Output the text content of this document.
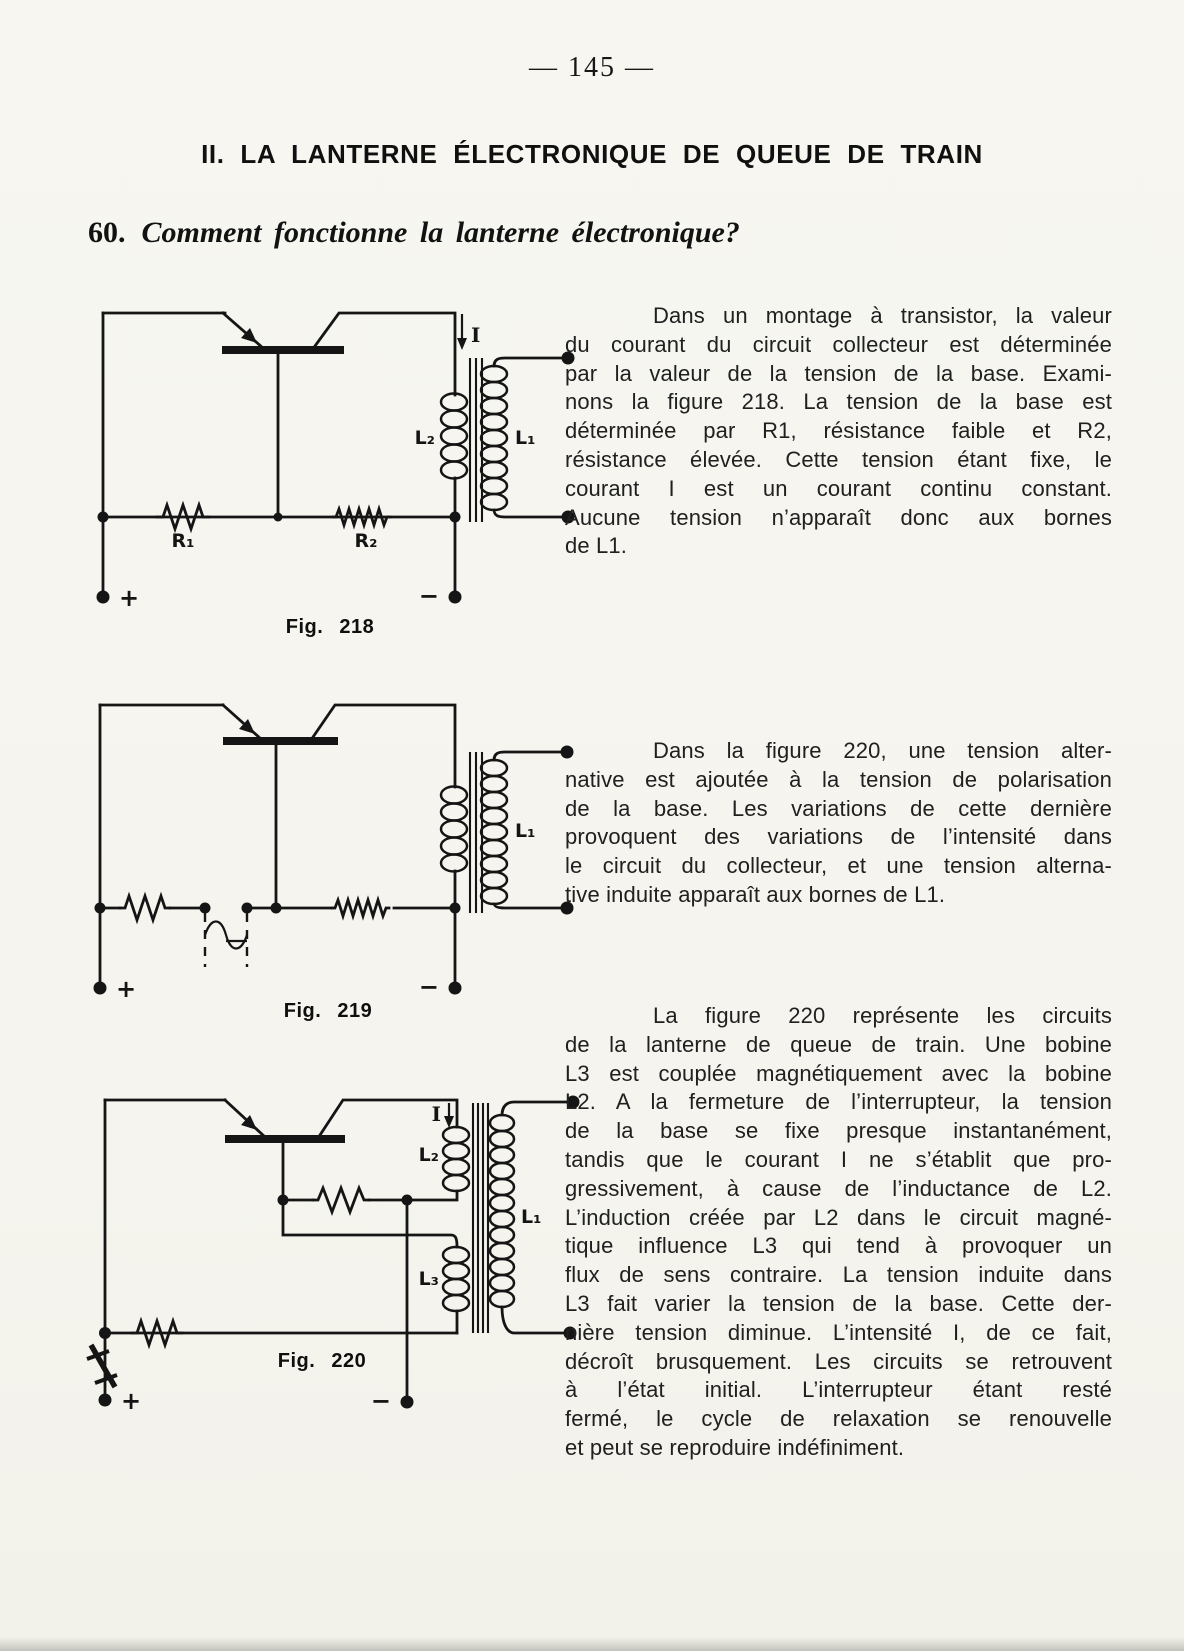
— 145 —
II. LA LANTERNE ÉLECTRONIQUE DE QUEUE DE TRAIN
60. Comment fonctionne la lanterne électronique?
I
L₂	L₁
R₁	R₂
+	−
Fig. 218
L₁
+	−
Fig. 219
I
L₂
L₃
L₁
+	−
Fig. 220
Dans un montage à transistor, la valeur
du courant du circuit collecteur est déterminée
par la valeur de la tension de la base. Exami-
nons la figure 218. La tension de la base est
déterminée par R1, résistance faible et R2,
résistance élevée. Cette tension étant fixe, le
courant I est un courant continu constant.
Aucune tension n’apparaît donc aux bornes
de L1.
Dans la figure 220, une tension alter-
native est ajoutée à la tension de polarisation
de la base. Les variations de cette dernière
provoquent des variations de l’intensité dans
le circuit du collecteur, et une tension alterna-
tive induite apparaît aux bornes de L1.
La figure 220 représente les circuits
de la lanterne de queue de train. Une bobine
L3 est couplée magnétiquement avec la bobine
L2. A la fermeture de l’interrupteur, la tension
de la base se fixe presque instantanément,
tandis que le courant I ne s’établit que pro-
gressivement, à cause de l’inductance de L2.
L’induction créée par L2 dans le circuit magné-
tique influence L3 qui tend à provoquer un
flux de sens contraire. La tension induite dans
L3 fait varier la tension de la base. Cette der-
nière tension diminue. L’intensité I, de ce fait,
décroît brusquement. Les circuits se retrouvent
à l’état initial. L’interrupteur étant resté
fermé, le cycle de relaxation se renouvelle
et peut se reproduire indéfiniment.
